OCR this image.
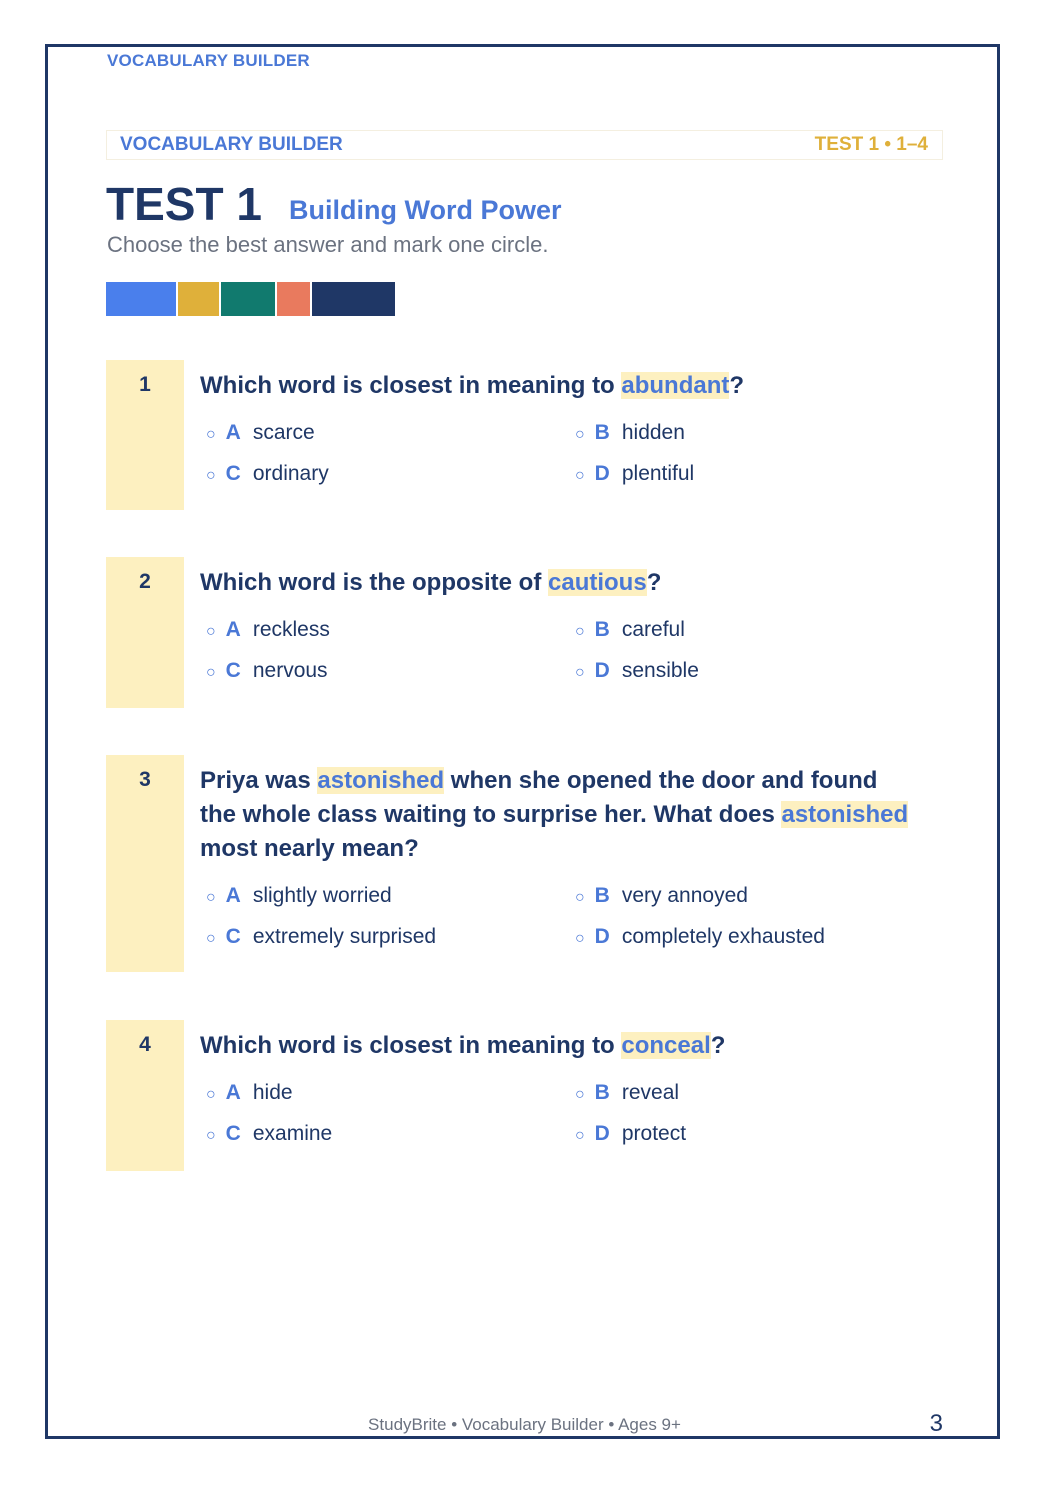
VOCABULARY BUILDER
VOCABULARY BUILDER	TEST 1 • 1–4
TEST 1 Building Word Power
Choose the best answer and mark one circle.
1	Which word is closest in meaning to abundant?
○ A scarce	○ B hidden
○ C ordinary	○ D plentiful
2	Which word is the opposite of cautious?
○ A reckless	○ B careful
○ C nervous	○ D sensible
3	Priya was astonished when she opened the door and found the whole class waiting to surprise her. What does astonished most nearly mean?
○ A slightly worried	○ B very annoyed
○ C extremely surprised	○ D completely exhausted
4	Which word is closest in meaning to conceal?
○ A hide	○ B reveal
○ C examine	○ D protect
StudyBrite • Vocabulary Builder • Ages 9+	3
